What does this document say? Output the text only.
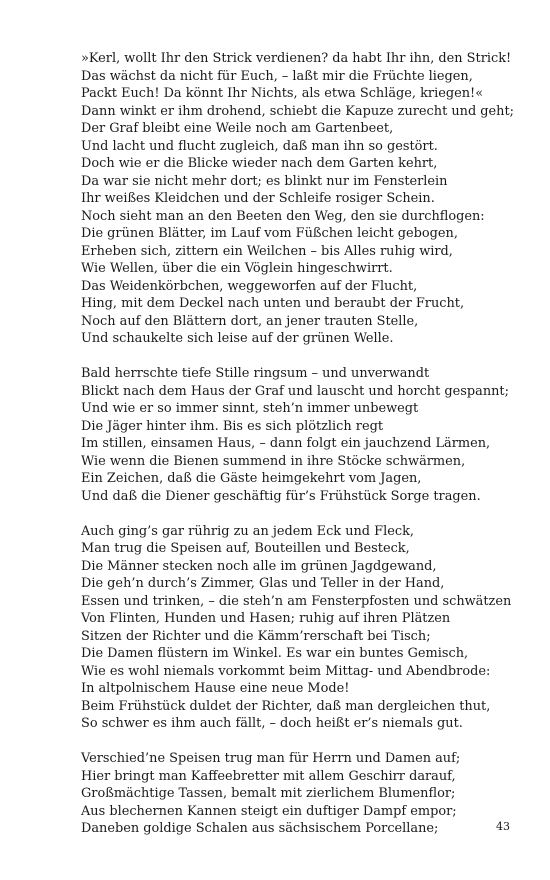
»Kerl, wollt Ihr den Strick verdienen? da habt Ihr ihn, den Strick!
Das wächst da nicht für Euch, – laßt mir die Früchte liegen,
Packt Euch! Da könnt Ihr Nichts, als etwa Schläge, kriegen!«
Dann winkt er ihm drohend, schiebt die Kapuze zurecht und geht;
Der Graf bleibt eine Weile noch am Gartenbeet,
Und lacht und flucht zugleich, daß man ihn so gestört.
Doch wie er die Blicke wieder nach dem Garten kehrt,
Da war sie nicht mehr dort; es blinkt nur im Fensterlein
Ihr weißes Kleidchen und der Schleife rosiger Schein.
Noch sieht man an den Beeten den Weg, den sie durchflogen:
Die grünen Blätter, im Lauf vom Füßchen leicht gebogen,
Erheben sich, zittern ein Weilchen – bis Alles ruhig wird,
Wie Wellen, über die ein Vöglein hingeschwirrt.
Das Weidenkörbchen, weggeworfen auf der Flucht,
Hing, mit dem Deckel nach unten und beraubt der Frucht,
Noch auf den Blättern dort, an jener trauten Stelle,
Und schaukelte sich leise auf der grünen Welle.
Bald herrschte tiefe Stille ringsum – und unverwandt
Blickt nach dem Haus der Graf und lauscht und horcht gespannt;
Und wie er so immer sinnt, steh’n immer unbewegt
Die Jäger hinter ihm. Bis es sich plötzlich regt
Im stillen, einsamen Haus, – dann folgt ein jauchzend Lärmen,
Wie wenn die Bienen summend in ihre Stöcke schwärmen,
Ein Zeichen, daß die Gäste heimgekehrt vom Jagen,
Und daß die Diener geschäftig für’s Frühstück Sorge tragen.
Auch ging’s gar rührig zu an jedem Eck und Fleck,
Man trug die Speisen auf, Bouteillen und Besteck,
Die Männer stecken noch alle im grünen Jagdgewand,
Die geh’n durch’s Zimmer, Glas und Teller in der Hand,
Essen und trinken, – die steh’n am Fensterpfosten und schwätzen
Von Flinten, Hunden und Hasen; ruhig auf ihren Plätzen
Sitzen der Richter und die Kämm’rerschaft bei Tisch;
Die Damen flüstern im Winkel. Es war ein buntes Gemisch,
Wie es wohl niemals vorkommt beim Mittag- und Abendbrode:
In altpolnischem Hause eine neue Mode!
Beim Frühstück duldet der Richter, daß man dergleichen thut,
So schwer es ihm auch fällt, – doch heißt er’s niemals gut.
Verschied’ne Speisen trug man für Herrn und Damen auf;
Hier bringt man Kaffeebretter mit allem Geschirr darauf,
Großmächtige Tassen, bemalt mit zierlichem Blumenflor;
Aus blechernen Kannen steigt ein duftiger Dampf empor;
Daneben goldige Schalen aus sächsischem Porcellane;	43
